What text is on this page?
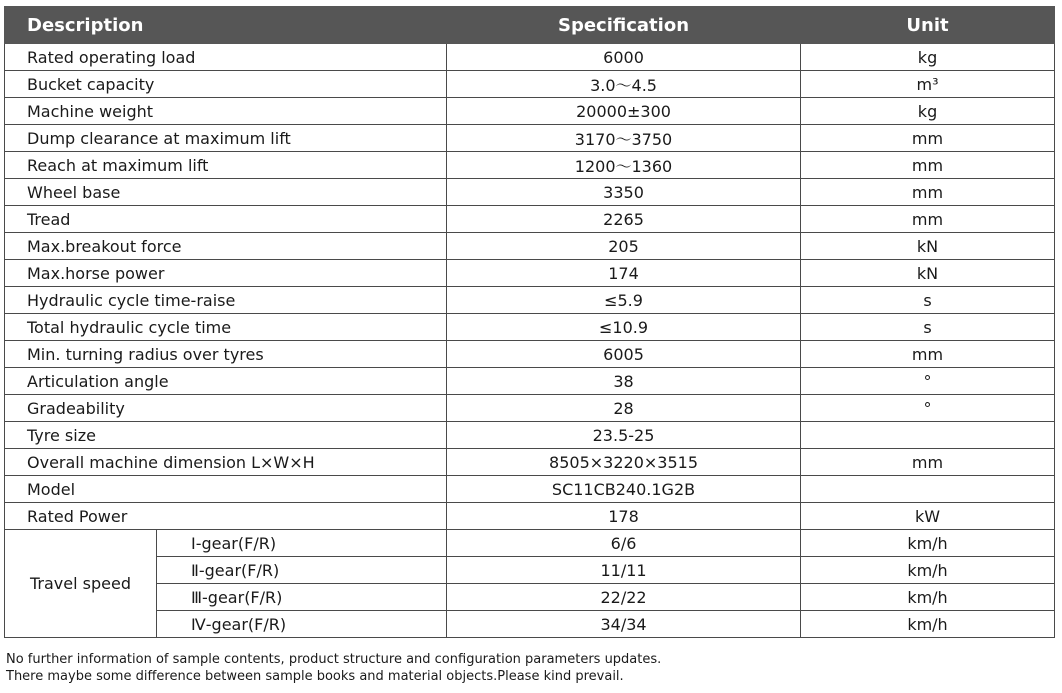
Description		Specification	Unit
Rated operating load		6000	kg
Bucket capacity		3.0～4.5	m³
Machine weight		20000±300	kg
Dump clearance at maximum lift		3170～3750	mm
Reach at maximum lift		1200～1360	mm
Wheel base		3350	mm
Tread		2265	mm
Max.breakout force		205	kN
Max.horse power		174	kN
Hydraulic cycle time-raise		≤5.9	s
Total hydraulic cycle time		≤10.9	s
Min. turning radius over tyres		6005	mm
Articulation angle		38	°
Gradeability		28	°
Tyre size		23.5-25	
Overall machine dimension L×W×H		8505×3220×3515	mm
Model		SC11CB240.1G2B	
Rated Power		178	kW
Travel speed	Ⅰ-gear(F/R)	6/6	km/h
	Ⅱ-gear(F/R)	11/11	km/h
	Ⅲ-gear(F/R)	22/22	km/h
	Ⅳ-gear(F/R)	34/34	km/h
No further information of sample contents, product structure and configuration parameters updates.
There maybe some difference between sample books and material objects.Please kind prevail.
